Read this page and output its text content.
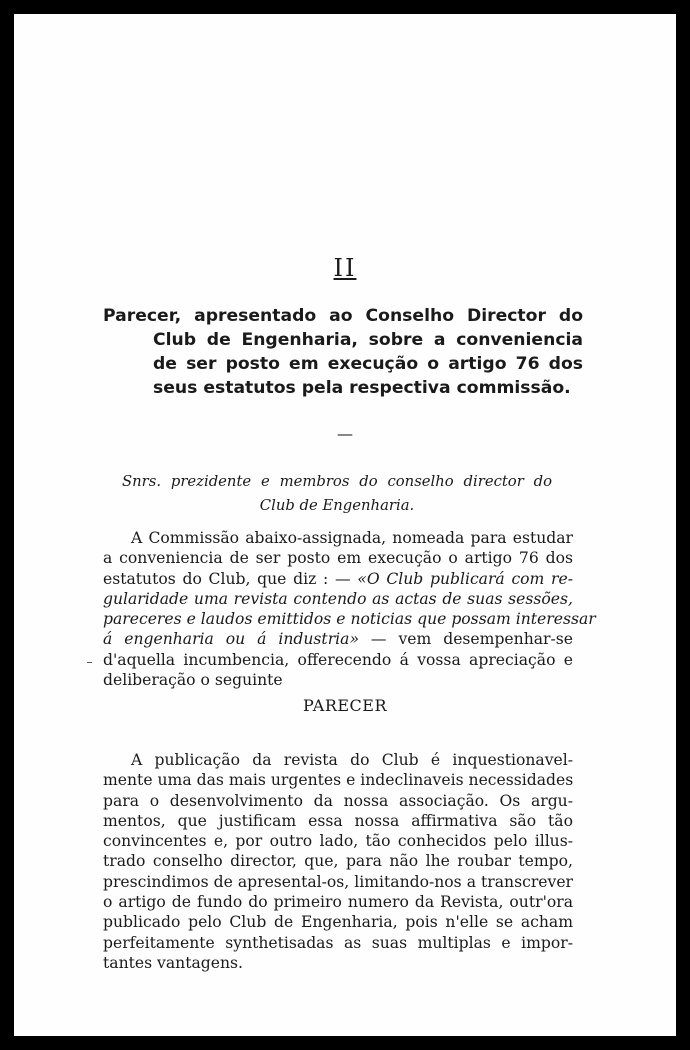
II
Parecer, apresentado ao Conselho Director do
Club de Engenharia, sobre a conveniencia
de ser posto em execução o artigo 76 dos
seus estatutos pela respectiva commissão.
—
Snrs. prezidente e membros do conselho director do
Club de Engenharia.
A Commissão abaixo-assignada, nomeada para estudar
a conveniencia de ser posto em execução o artigo 76 dos
estatutos do Club, que diz : — «O Club publicará com re-
gularidade uma revista contendo as actas de suas sessões,
pareceres e laudos emittidos e noticias que possam interessar
á engenharia ou á industria» — vem desempenhar-se
d'aquella incumbencia, offerecendo á vossa apreciação e
deliberação o seguinte
PARECER
A publicação da revista do Club é inquestionavel-
mente uma das mais urgentes e indeclinaveis necessidades
para o desenvolvimento da nossa associação. Os argu-
mentos, que justificam essa nossa affirmativa são tão
convincentes e, por outro lado, tão conhecidos pelo illus-
trado conselho director, que, para não lhe roubar tempo,
prescindimos de apresental-os, limitando-nos a transcrever
o artigo de fundo do primeiro numero da Revista, outr'ora
publicado pelo Club de Engenharia, pois n'elle se acham
perfeitamente synthetisadas as suas multiplas e impor-
tantes vantagens.
